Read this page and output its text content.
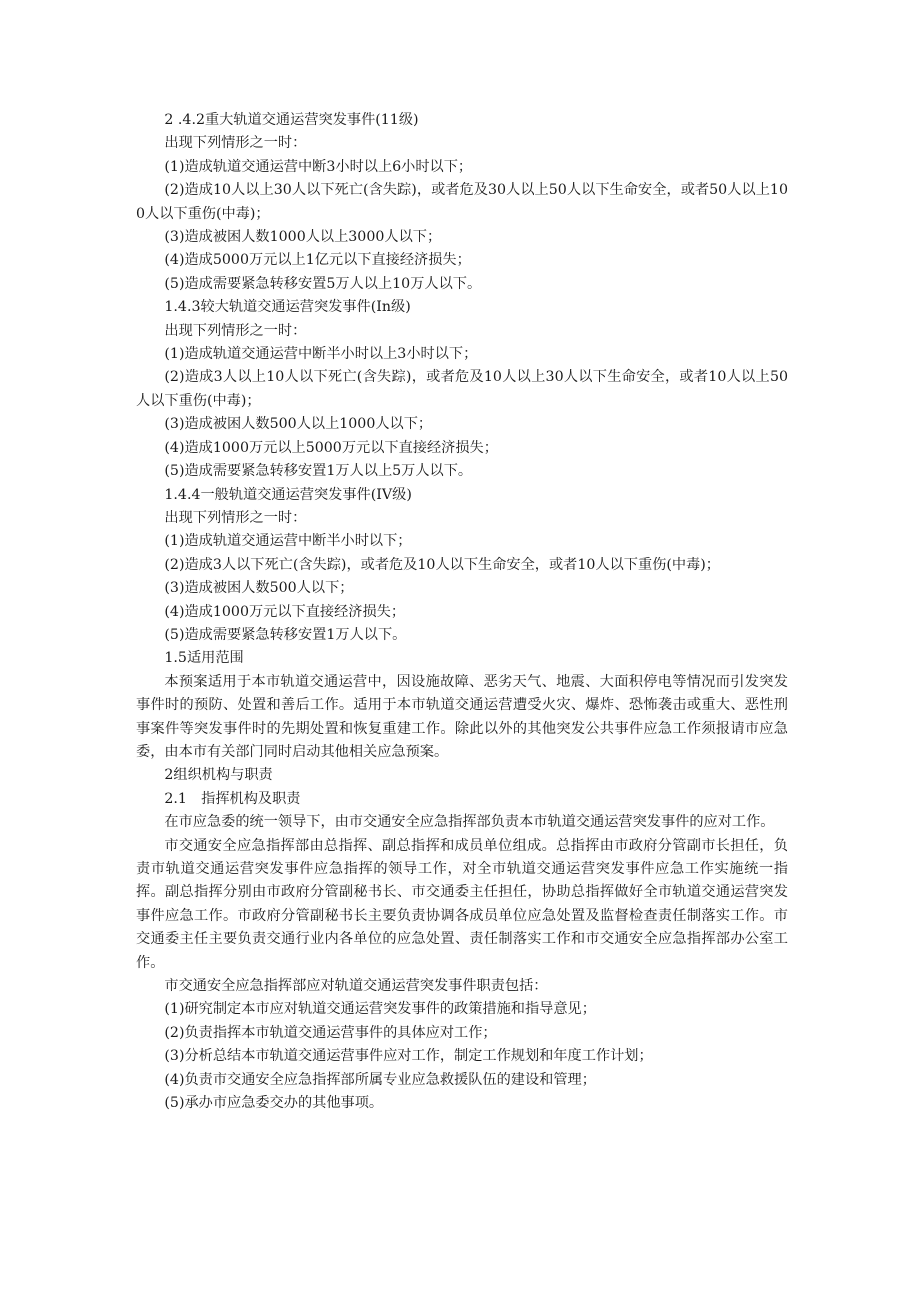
2 .4.2重大轨道交通运营突发事件(11级)

出现下列情形之一时：

(1)造成轨道交通运营中断3小时以上6小时以下；

(2)造成10人以上30人以下死亡(含失踪)，或者危及30人以上50人以下生命安全，或者50人以上100人以下重伤(中毒)；

(3)造成被困人数1000人以上3000人以下；

(4)造成5000万元以上1亿元以下直接经济损失；

(5)造成需要紧急转移安置5万人以上10万人以下。

1.4.3较大轨道交通运营突发事件(In级)

出现下列情形之一时：

(1)造成轨道交通运营中断半小时以上3小时以下；

(2)造成3人以上10人以下死亡(含失踪)，或者危及10人以上30人以下生命安全，或者10人以上50人以下重伤(中毒)；

(3)造成被困人数500人以上1000人以下；

(4)造成1000万元以上5000万元以下直接经济损失；

(5)造成需要紧急转移安置1万人以上5万人以下。

1.4.4一般轨道交通运营突发事件(IV级)

出现下列情形之一时：

(1)造成轨道交通运营中断半小时以下；

(2)造成3人以下死亡(含失踪)，或者危及10人以下生命安全，或者10人以下重伤(中毒)；

(3)造成被困人数500人以下；

(4)造成1000万元以下直接经济损失；

(5)造成需要紧急转移安置1万人以下。

1.5适用范围

本预案适用于本市轨道交通运营中，因设施故障、恶劣天气、地震、大面积停电等情况而引发突发事件时的预防、处置和善后工作。适用于本市轨道交通运营遭受火灾、爆炸、恐怖袭击或重大、恶性刑事案件等突发事件时的先期处置和恢复重建工作。除此以外的其他突发公共事件应急工作须报请市应急委，由本市有关部门同时启动其他相关应急预案。

2组织机构与职责

2.1　指挥机构及职责

在市应急委的统一领导下，由市交通安全应急指挥部负责本市轨道交通运营突发事件的应对工作。

市交通安全应急指挥部由总指挥、副总指挥和成员单位组成。总指挥由市政府分管副市长担任，负责市轨道交通运营突发事件应急指挥的领导工作，对全市轨道交通运营突发事件应急工作实施统一指挥。副总指挥分别由市政府分管副秘书长、市交通委主任担任，协助总指挥做好全市轨道交通运营突发事件应急工作。市政府分管副秘书长主要负责协调各成员单位应急处置及监督检查责任制落实工作。市交通委主任主要负责交通行业内各单位的应急处置、责任制落实工作和市交通安全应急指挥部办公室工作。

市交通安全应急指挥部应对轨道交通运营突发事件职责包括：

(1)研究制定本市应对轨道交通运营突发事件的政策措施和指导意见；

(2)负责指挥本市轨道交通运营事件的具体应对工作；

(3)分析总结本市轨道交通运营事件应对工作，制定工作规划和年度工作计划；

(4)负责市交通安全应急指挥部所属专业应急救援队伍的建设和管理；

(5)承办市应急委交办的其他事项。
